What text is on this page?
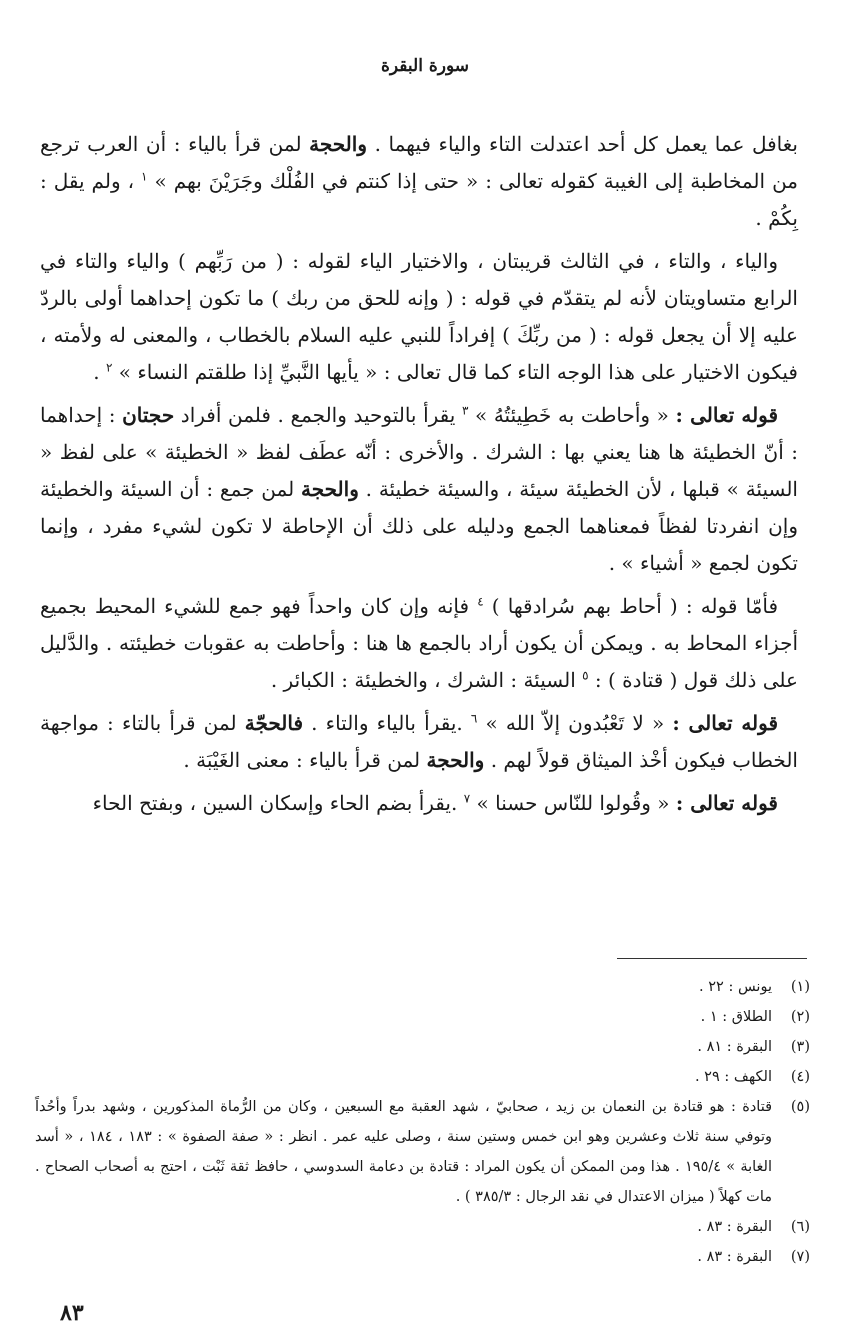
سورة البقرة

بغافل عما يعمل كل أحد اعتدلت التاء والياء فيهما . والحجة لمن قرأ بالياء : أن العرب ترجع من المخاطبة إلى الغيبة كقوله تعالى : « حتى إذا كنتم في الفُلْك وجَرَيْنَ بهم » $^١$ ، ولم يقل : بِكُمْ .

والياء ، والتاء ، في الثالث قريبتان ، والاختيار الياء لقوله : ( من رَبِّهم ) والياء والتاء في الرابع متساويتان لأنه لم يتقدّم في قوله : ( وإنه للحق من ربك ) ما تكون إحداهما أولى بالردّ عليه إلا أن يجعل قوله : ( من ربِّكَ ) إفراداً للنبي عليه السلام بالخطاب ، والمعنى له ولأمته ، فيكون الاختيار على هذا الوجه التاء كما قال تعالى : « يأيها النَّبيِّ إذا طلقتم النساء » $^٢$ .

قوله تعالى : « وأحاطت به خَطِيئتُهُ » $^٣$ يقرأ بالتوحيد والجمع . فلمن أفراد حجتان : إحداهما : أنّ الخطيئة ها هنا يعني بها : الشرك . والأخرى : أنّه عطَف لفظ « الخطيئة » على لفظ « السيئة » قبلها ، لأن الخطيئة سيئة ، والسيئة خطيئة . والحجة لمن جمع : أن السيئة والخطيئة وإن انفردتا لفظاً فمعناهما الجمع ودليله على ذلك أن الإحاطة لا تكون لشيء مفرد ، وإنما تكون لجمع « أشياء » .

فأمّا قوله : ( أحاط بهم سُرادقها ) $^٤$ فإنه وإن كان واحداً فهو جمع للشيء المحيط بجميع أجزاء المحاط به . ويمكن أن يكون أراد بالجمع ها هنا : وأحاطت به عقوبات خطيئته . والدَّليل على ذلك قول ( قتادة ) : $^٥$ السيئة : الشرك ، والخطيئة : الكبائر .

قوله تعالى : « لا تَعْبُدون إلاّ الله » $^٦$ .يقرأ بالياء والتاء . فالحجّة لمن قرأ بالتاء : مواجهة الخطاب فيكون أخْذ الميثاق قولاً لهم . والحجة لمن قرأ بالياء : معنى الغَيْبَة .

قوله تعالى : « وقُولوا للنّاس حسنا » $^٧$ .يقرأ بضم الحاء وإسكان السين ، وبفتح الحاء

(١)
يونس : ٢٢ .
(٢)
الطلاق : ١ .
(٣)
البقرة : ٨١ .
(٤)
الكهف : ٢٩ .
(٥)
قتادة : هو قتادة بن النعمان بن زيد ، صحابيّ ، شهد العقبة مع السبعين ، وكان من الرُّماة المذكورين ، وشهد بدراً وأحُداً وتوفي سنة ثلاث وعشرين وهو ابن خمس وستين سنة ، وصلى عليه عمر . انظر : « صفة الصفوة » : ١٨٣ ، ١٨٤ ، « أسد الغابة » ١٩٥/٤ . هذا ومن الممكن أن يكون المراد : قتادة بن دعامة السدوسي ، حافظ ثقة ثَبْت ، احتج به أصحاب الصحاح . مات كهلاً ( ميزان الاعتدال في نقد الرجال : ٣٨٥/٣ ) .
(٦)
البقرة : ٨٣ .
(٧)
البقرة : ٨٣ .
٨٣
